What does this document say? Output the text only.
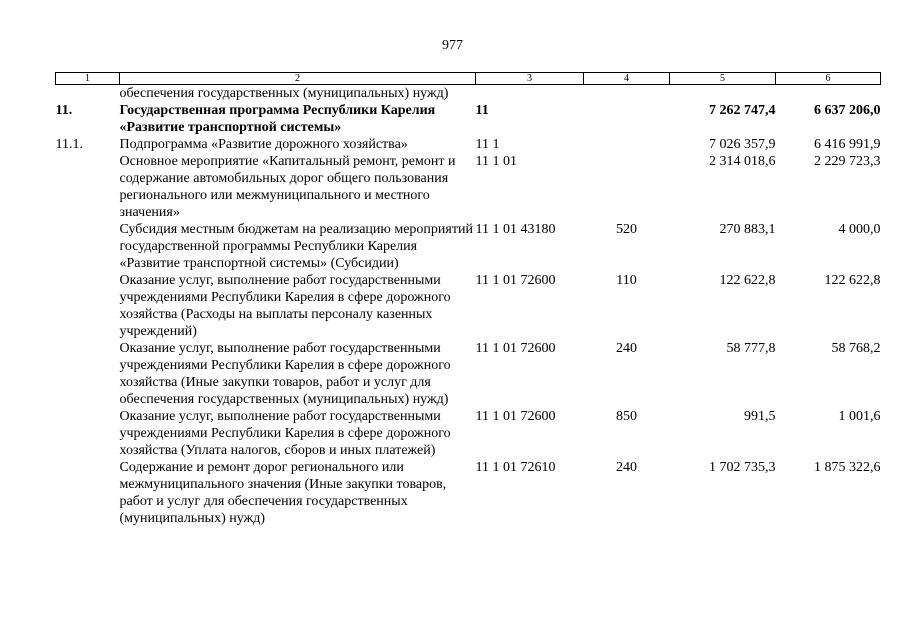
977
1	2	3	4	5	6
	обеспечения государственных (муниципальных) нужд)				
11.	Государственная программа Республики Карелия «Развитие транспортной системы»	11		7 262 747,4	6 637 206,0
11.1.	Подпрограмма «Развитие дорожного хозяйства»	11 1		7 026 357,9	6 416 991,9
	Основное мероприятие «Капитальный ремонт, ремонт и содержание автомобильных дорог общего пользования регионального или межмуниципального и местного значения»	11 1 01		2 314 018,6	2 229 723,3
	Субсидия местным бюджетам на реализацию мероприятий государственной программы Республики Карелия «Развитие транспортной системы» (Субсидии)	11 1 01 43180	520	270 883,1	4 000,0
	Оказание услуг, выполнение работ государственными учреждениями Республики Карелия в сфере дорожного хозяйства (Расходы на выплаты персоналу казенных учреждений)	11 1 01 72600	110	122 622,8	122 622,8
	Оказание услуг, выполнение работ государственными учреждениями Республики Карелия в сфере дорожного хозяйства (Иные закупки товаров, работ и услуг для обеспечения государственных (муниципальных) нужд)	11 1 01 72600	240	58 777,8	58 768,2
	Оказание услуг, выполнение работ государственными учреждениями Республики Карелия в сфере дорожного хозяйства (Уплата налогов, сборов и иных платежей)	11 1 01 72600	850	991,5	1 001,6
	Содержание и ремонт дорог регионального или межмуниципального значения (Иные закупки товаров, работ и услуг для обеспечения государственных (муниципальных) нужд)	11 1 01 72610	240	1 702 735,3	1 875 322,6
